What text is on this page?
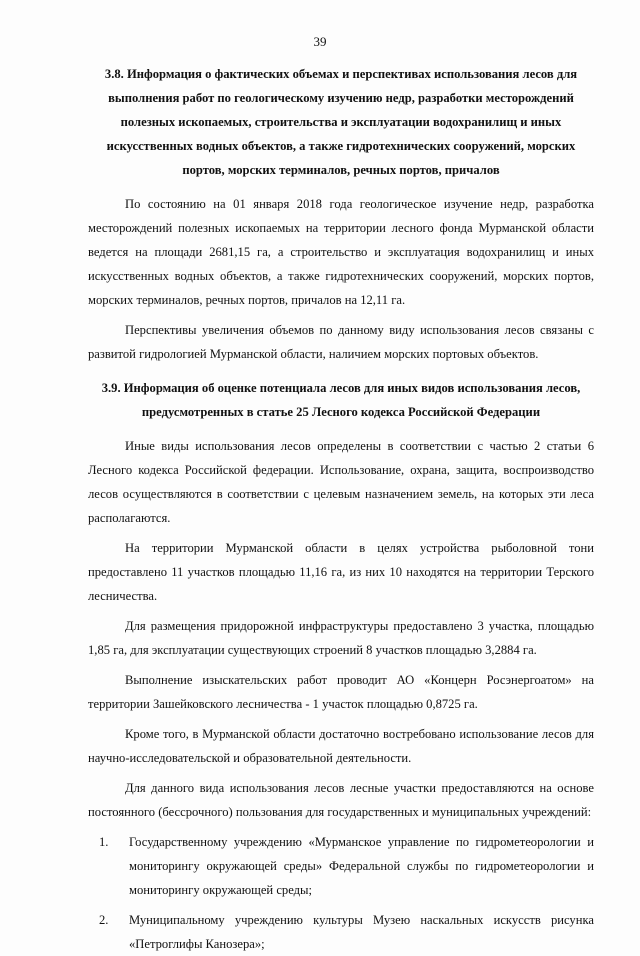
39

3.8. Информация о фактических объемах и перспективах использования лесов для выполнения работ по геологическому изучению недр, разработки месторождений полезных ископаемых, строительства и эксплуатации водохранилищ и иных искусственных водных объектов, а также гидротехнических сооружений, морских портов, морских терминалов, речных портов, причалов

По состоянию на 01 января 2018 года геологическое изучение недр, разработка месторождений полезных ископаемых на территории лесного фонда Мурманской области ведется на площади 2681,15 га, а строительство и эксплуатация водохранилищ и иных искусственных водных объектов, а также гидротехнических сооружений, морских портов, морских терминалов, речных портов, причалов на 12,11 га.

Перспективы увеличения объемов по данному виду использования лесов связаны с развитой гидрологией Мурманской области, наличием морских портовых объектов.

3.9. Информация об оценке потенциала лесов для иных видов использования лесов, предусмотренных в статье 25 Лесного кодекса Российской Федерации

Иные виды использования лесов определены в соответствии с частью 2 статьи 6 Лесного кодекса Российской федерации. Использование, охрана, защита, воспроизводство лесов осуществляются в соответствии с целевым назначением земель, на которых эти леса располагаются.

На территории Мурманской области в целях устройства рыболовной тони предоставлено 11 участков площадью 11,16 га, из них 10 находятся на территории Терского лесничества.

Для размещения придорожной инфраструктуры предоставлено 3 участка, площадью 1,85 га, для эксплуатации существующих строений 8 участков площадью 3,2884 га.

Выполнение изыскательских работ проводит АО «Концерн Росэнергоатом» на территории Зашейковского лесничества - 1 участок площадью 0,8725 га.

Кроме того, в Мурманской области достаточно востребовано использование лесов для научно-исследовательской и образовательной деятельности.

Для данного вида использования лесов лесные участки предоставляются на основе постоянного (бессрочного) пользования для государственных и муниципальных учреждений:

1.	Государственному учреждению «Мурманское управление по гидрометеорологии и мониторингу окружающей среды» Федеральной службы по гидрометеорологии и мониторингу окружающей среды;
2.	Муниципальному учреждению культуры Музею наскальных искусств рисунка «Петроглифы Канозера»;
